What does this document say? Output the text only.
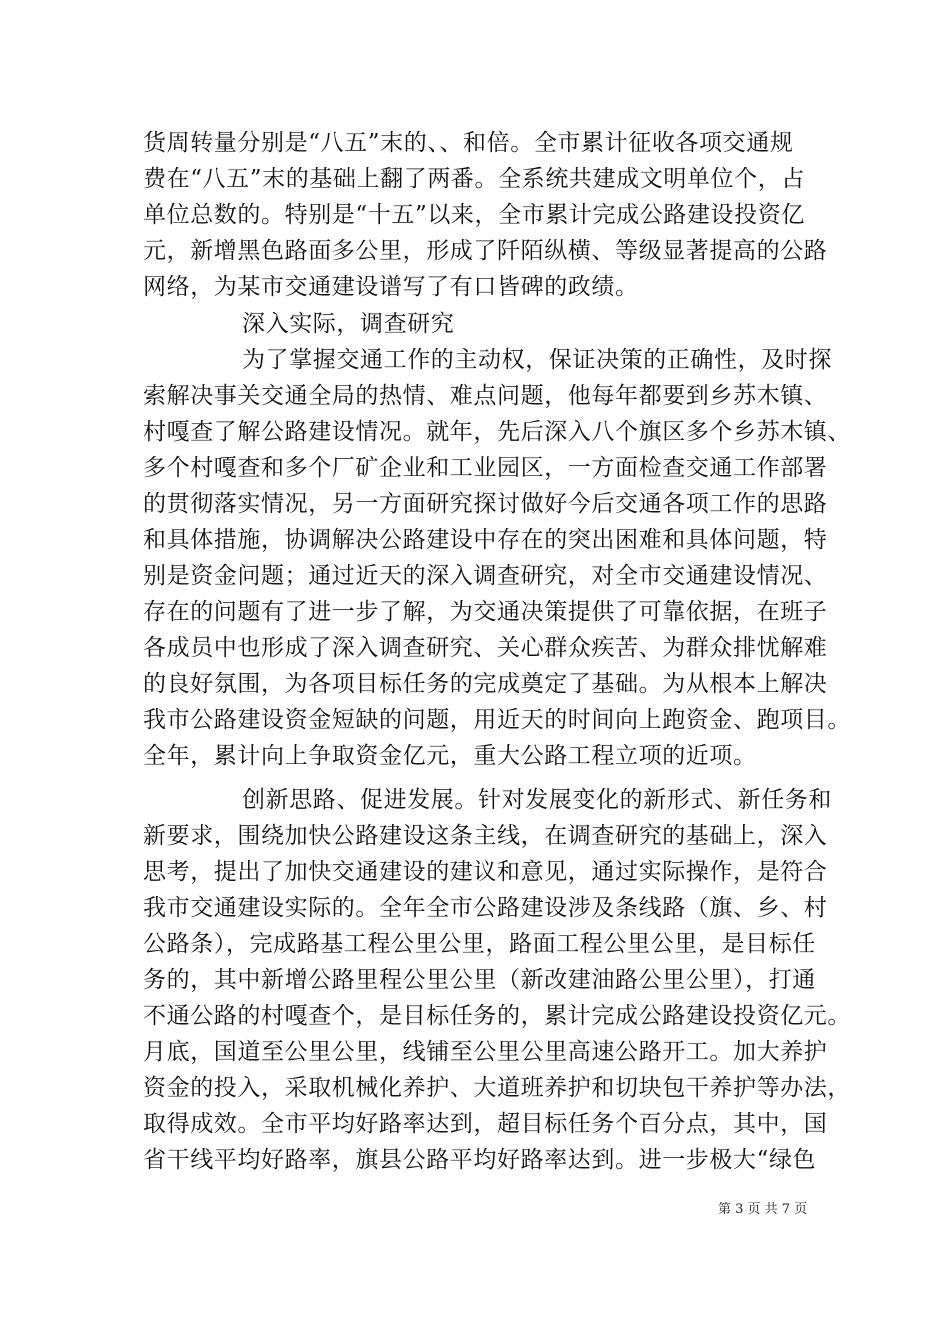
货周转量分别是“八五”末的、、和倍。全市累计征收各项交通规
费在“八五”末的基础上翻了两番。全系统共建成文明单位个，占
单位总数的。特别是“十五”以来，全市累计完成公路建设投资亿
元，新增黑色路面多公里，形成了阡陌纵横、等级显著提高的公路
网络，为某市交通建设谱写了有口皆碑的政绩。
深入实际，调查研究
为了掌握交通工作的主动权，保证决策的正确性，及时探
索解决事关交通全局的热情、难点问题，他每年都要到乡苏木镇、
村嘎查了解公路建设情况。就年，先后深入八个旗区多个乡苏木镇、
多个村嘎查和多个厂矿企业和工业园区，一方面检查交通工作部署
的贯彻落实情况，另一方面研究探讨做好今后交通各项工作的思路
和具体措施，协调解决公路建设中存在的突出困难和具体问题，特
别是资金问题；通过近天的深入调查研究，对全市交通建设情况、
存在的问题有了进一步了解，为交通决策提供了可靠依据，在班子
各成员中也形成了深入调查研究、关心群众疾苦、为群众排忧解难
的良好氛围，为各项目标任务的完成奠定了基础。为从根本上解决
我市公路建设资金短缺的问题，用近天的时间向上跑资金、跑项目。
全年，累计向上争取资金亿元，重大公路工程立项的近项。
创新思路、促进发展。针对发展变化的新形式、新任务和
新要求，围绕加快公路建设这条主线，在调查研究的基础上，深入
思考，提出了加快交通建设的建议和意见，通过实际操作，是符合
我市交通建设实际的。全年全市公路建设涉及条线路（旗、乡、村
公路条），完成路基工程公里公里，路面工程公里公里，是目标任
务的，其中新增公路里程公里公里（新改建油路公里公里），打通
不通公路的村嘎查个，是目标任务的，累计完成公路建设投资亿元。
月底，国道至公里公里，线铺至公里公里高速公路开工。加大养护
资金的投入，采取机械化养护、大道班养护和切块包干养护等办法，
取得成效。全市平均好路率达到，超目标任务个百分点，其中，国
省干线平均好路率，旗县公路平均好路率达到。进一步极大“绿色
第 3 页 共 7 页
